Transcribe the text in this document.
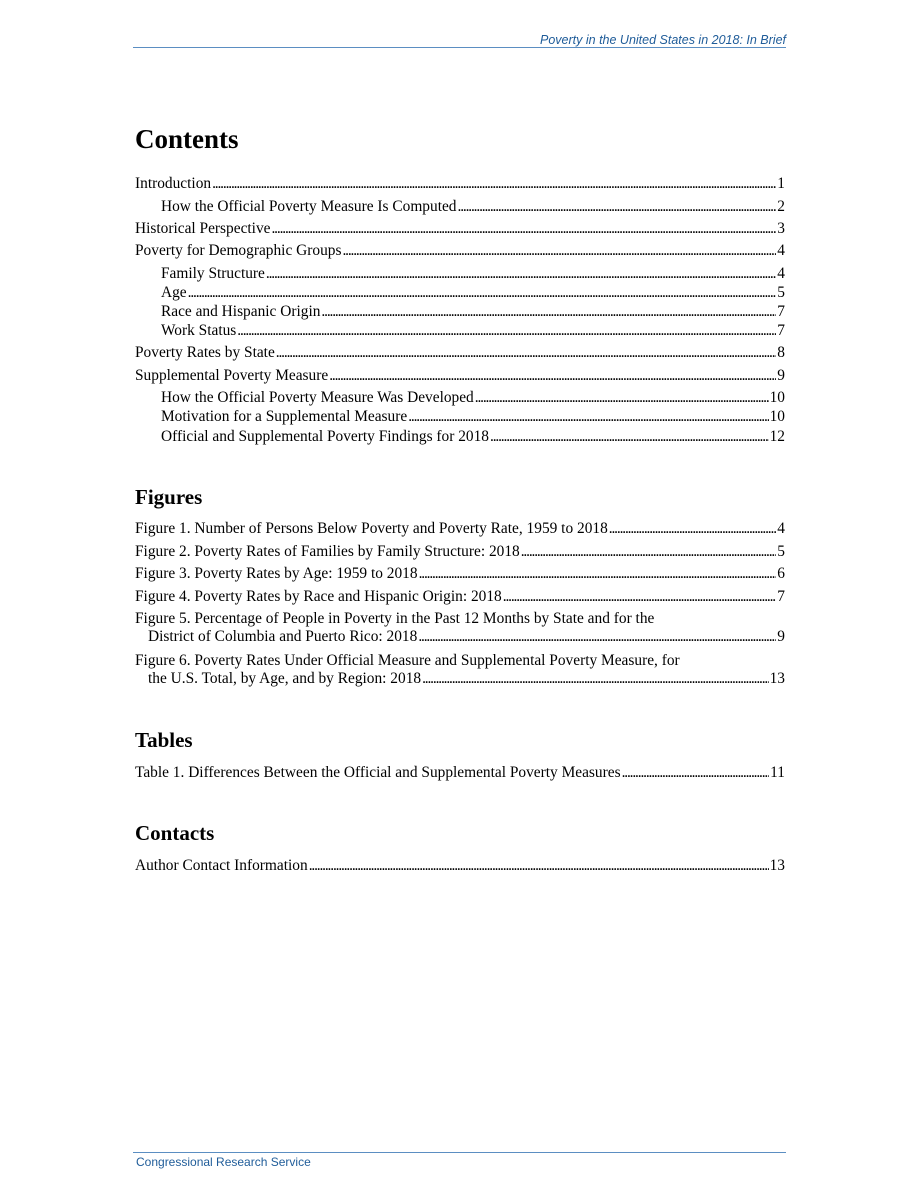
Poverty in the United States in 2018: In Brief
Contents
Introduction . . .	1
How the Official Poverty Measure Is Computed . . .	2
Historical Perspective . . .	3
Poverty for Demographic Groups . . .	4
Family Structure . . .	4
Age . . .	5
Race and Hispanic Origin . . .	7
Work Status . . .	7
Poverty Rates by State . . .	8
Supplemental Poverty Measure . . .	9
How the Official Poverty Measure Was Developed . . .	10
Motivation for a Supplemental Measure . . .	10
Official and Supplemental Poverty Findings for 2018 . . .	12
Figures
Figure 1. Number of Persons Below Poverty and Poverty Rate, 1959 to 2018 . . .	4
Figure 2. Poverty Rates of Families by Family Structure: 2018 . . .	5
Figure 3. Poverty Rates by Age: 1959 to 2018 . . .	6
Figure 4. Poverty Rates by Race and Hispanic Origin: 2018 . . .	7
Figure 5. Percentage of People in Poverty in the Past 12 Months by State and for the
District of Columbia and Puerto Rico: 2018 . . .	9
Figure 6. Poverty Rates Under Official Measure and Supplemental Poverty Measure, for
the U.S. Total, by Age, and by Region: 2018 . . .	13
Tables
Table 1. Differences Between the Official and Supplemental Poverty Measures . . .	11
Contacts
Author Contact Information . . .	13
Congressional Research Service
